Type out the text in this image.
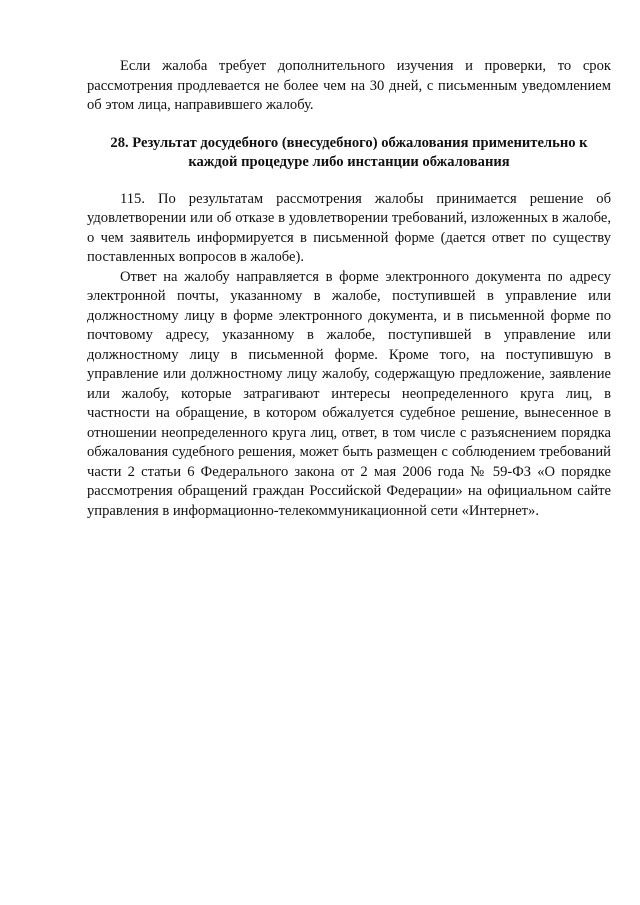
Если жалоба требует дополнительного изучения и проверки, то срок рассмотрения продлевается не более чем на 30 дней, с письменным уведомлением об этом лица, направившего жалобу.

28. Результат досудебного (внесудебного) обжалования применительно к каждой процедуре либо инстанции обжалования

115. По результатам рассмотрения жалобы принимается решение об удовлетворении или об отказе в удовлетворении требований, изложенных в жалобе, о чем заявитель информируется в письменной форме (дается ответ по существу поставленных вопросов в жалобе).

Ответ на жалобу направляется в форме электронного документа по адресу электронной почты, указанному в жалобе, поступившей в управление или должностному лицу в форме электронного документа, и в письменной форме по почтовому адресу, указанному в жалобе, поступившей в управление или должностному лицу в письменной форме. Кроме того, на поступившую в управление или должностному лицу жалобу, содержащую предложение, заявление или жалобу, которые затрагивают интересы неопределенного круга лиц, в частности на обращение, в котором обжалуется судебное решение, вынесенное в отношении неопределенного круга лиц, ответ, в том числе с разъяснением порядка обжалования судебного решения, может быть размещен с соблюдением требований части 2 статьи 6 Федерального закона от 2 мая 2006 года № 59-ФЗ «О порядке рассмотрения обращений граждан Российской Федерации» на официальном сайте управления в информационно-телекоммуникационной сети «Интернет».
